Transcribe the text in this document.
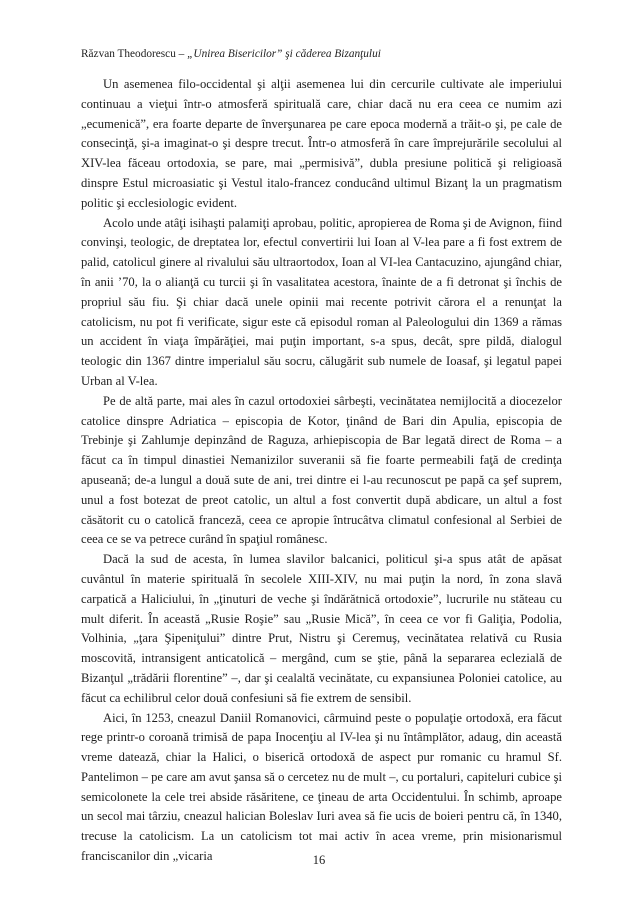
Răzvan Theodorescu – „Unirea Bisericilor” şi căderea Bizanţului

Un asemenea filo-occidental şi alţii asemenea lui din cercurile cultivate ale imperiului continuau a vieţui într-o atmosferă spirituală care, chiar dacă nu era ceea ce numim azi „ecumenică”, era foarte departe de înverşunarea pe care epoca modernă a trăit-o şi, pe cale de consecinţă, şi-a imaginat-o şi despre trecut. Într-o atmosferă în care împrejurările secolului al XIV-lea făceau ortodoxia, se pare, mai „permisivă”, dubla presiune politică şi religioasă dinspre Estul microasiatic şi Vestul italo-francez conducând ultimul Bizanţ la un pragmatism politic şi ecclesiologic evident.

Acolo unde atâţi isihaşti palamiţi aprobau, politic, apropierea de Roma şi de Avignon, fiind convinşi, teologic, de dreptatea lor, efectul convertirii lui Ioan al V-lea pare a fi fost extrem de palid, catolicul ginere al rivalului său ultraortodox, Ioan al VI-lea Cantacuzino, ajungând chiar, în anii ’70, la o alianţă cu turcii şi în vasalitatea acestora, înainte de a fi detronat şi închis de propriul său fiu. Şi chiar dacă unele opinii mai recente potrivit cărora el a renunţat la catolicism, nu pot fi verificate, sigur este că episodul roman al Paleologului din 1369 a rămas un accident în viaţa împărăţiei, mai puţin important, s-a spus, decât, spre pildă, dialogul teologic din 1367 dintre imperialul său socru, călugărit sub numele de Ioasaf, şi legatul papei Urban al V-lea.

Pe de altă parte, mai ales în cazul ortodoxiei sârbeşti, vecinătatea nemijlocită a diocezelor catolice dinspre Adriatica – episcopia de Kotor, ţinând de Bari din Apulia, episcopia de Trebinje şi Zahlumje depinzând de Raguza, arhiepiscopia de Bar legată direct de Roma – a făcut ca în timpul dinastiei Nemanizilor suveranii să fie foarte permeabili faţă de credinţa apuseană; de-a lungul a două sute de ani, trei dintre ei l-au recunoscut pe papă ca şef suprem, unul a fost botezat de preot catolic, un altul a fost convertit după abdicare, un altul a fost căsătorit cu o catolică franceză, ceea ce apropie întrucâtva climatul confesional al Serbiei de ceea ce se va petrece curând în spaţiul românesc.

Dacă la sud de acesta, în lumea slavilor balcanici, politicul şi-a spus atât de apăsat cuvântul în materie spirituală în secolele XIII-XIV, nu mai puţin la nord, în zona slavă carpatică a Haliciului, în „ţinuturi de veche şi îndărătnică ortodoxie”, lucrurile nu stăteau cu mult diferit. În această „Rusie Roşie” sau „Rusie Mică”, în ceea ce vor fi Galiţia, Podolia, Volhinia, „ţara Şipeniţului” dintre Prut, Nistru şi Ceremuş, vecinătatea relativă cu Rusia moscovită, intransigent anticatolică – mergând, cum se ştie, până la separarea eclezială de Bizanţul „trădării florentine” –, dar şi cealaltă vecinătate, cu expansiunea Poloniei catolice, au făcut ca echilibrul celor două confesiuni să fie extrem de sensibil.

Aici, în 1253, cneazul Daniil Romanovici, cârmuind peste o populaţie ortodoxă, era făcut rege printr-o coroană trimisă de papa Inocenţiu al IV-lea şi nu întâmplător, adaug, din această vreme datează, chiar la Halici, o biserică ortodoxă de aspect pur romanic cu hramul Sf. Pantelimon – pe care am avut şansa să o cercetez nu de mult –, cu portaluri, capiteluri cubice şi semicolonete la cele trei abside răsăritene, ce ţineau de arta Occidentului. În schimb, aproape un secol mai târziu, cneazul halician Boleslav Iuri avea să fie ucis de boieri pentru că, în 1340, trecuse la catolicism. La un catolicism tot mai activ în acea vreme, prin misionarismul franciscanilor din „vicaria	16
